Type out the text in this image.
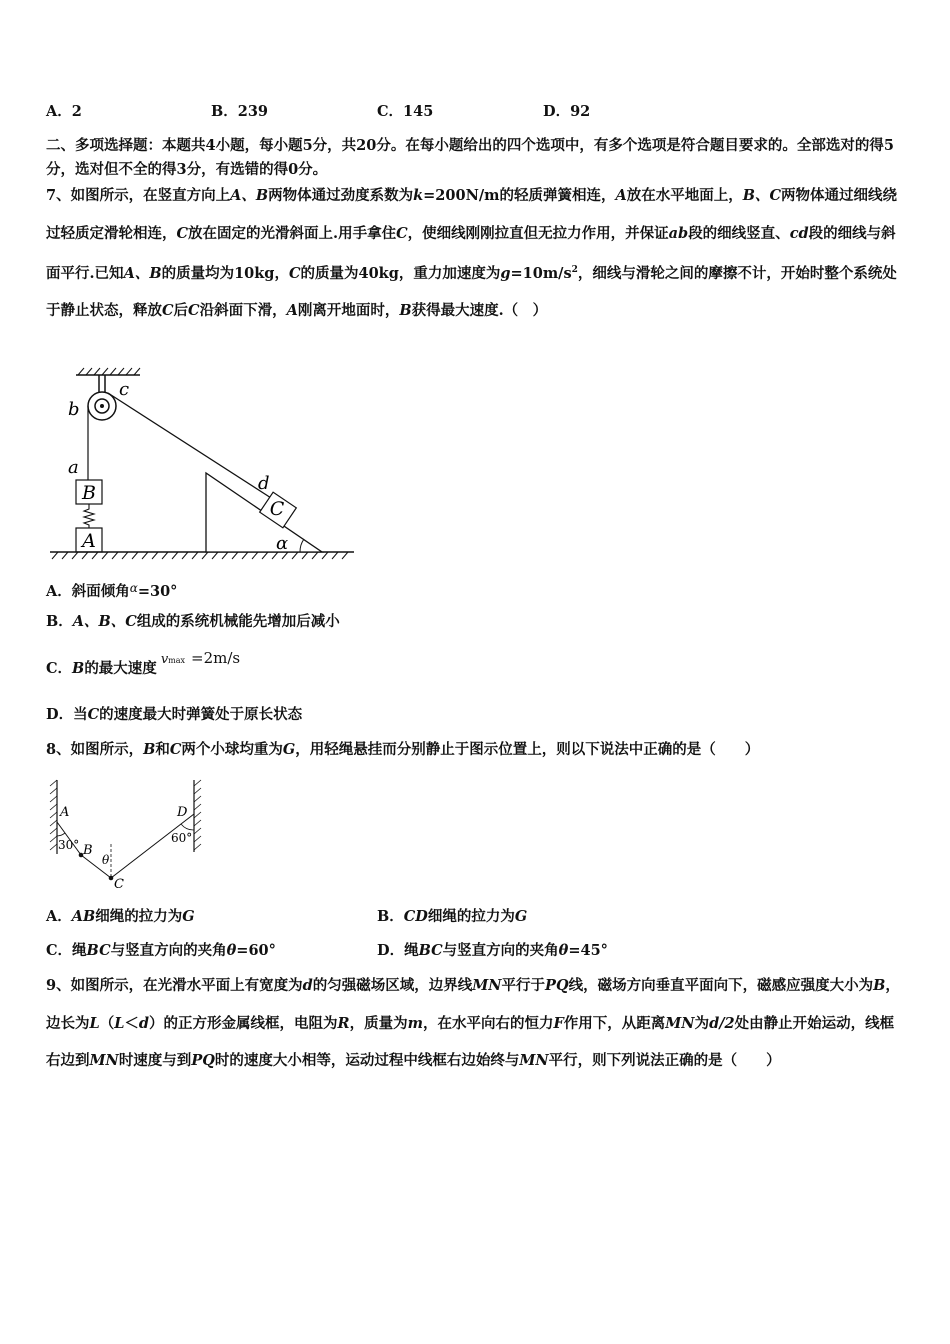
A．2	B．239	C．145	D．92
二、多项选择题：本题共4小题，每小题5分，共20分。在每小题给出的四个选项中，有多个选项是符合题目要求的。全部选对的得5分，选对但不全的得3分，有选错的得0分。
7、如图所示，在竖直方向上A、B两物体通过劲度系数为k=200N/m的轻质弹簧相连，A放在水平地面上，B、C两物体通过细线绕过轻质定滑轮相连，C放在固定的光滑斜面上.用手拿住C，使细线刚刚拉直但无拉力作用，并保证ab段的细线竖直、cd段的细线与斜面平行.已知A、B的质量均为10kg，C的质量为40kg，重力加速度为$g=10m/s^2$，细线与滑轮之间的摩擦不计，开始时整个系统处于静止状态，释放C后C沿斜面下滑，A刚离开地面时，B获得最大速度.（　）
B
A
C
c
b
a
d
α
A．斜面倾角$^\alpha$=30°
B．A、B、C组成的系统机械能先增加后减小
C．B的最大速度vmax =2m/s
D．当C的速度最大时弹簧处于原长状态
8、如图所示，B和C两个小球均重为G，用轻绳悬挂而分别静止于图示位置上，则以下说法中正确的是（　　）
A
B
C
D
30°	60°
θ
A．AB细绳的拉力为G	B．CD细绳的拉力为G
C．绳BC与竖直方向的夹角θ=60°	D．绳BC与竖直方向的夹角θ=45°
9、如图所示，在光滑水平面上有宽度为d的匀强磁场区域，边界线MN平行于PQ线，磁场方向垂直平面向下，磁感应强度大小为B，边长为L（L＜d）的正方形金属线框，电阻为R，质量为m，在水平向右的恒力F作用下，从距离MN为d/2处由静止开始运动，线框右边到MN时速度与到PQ时的速度大小相等，运动过程中线框右边始终与MN平行，则下列说法正确的是（　　）
